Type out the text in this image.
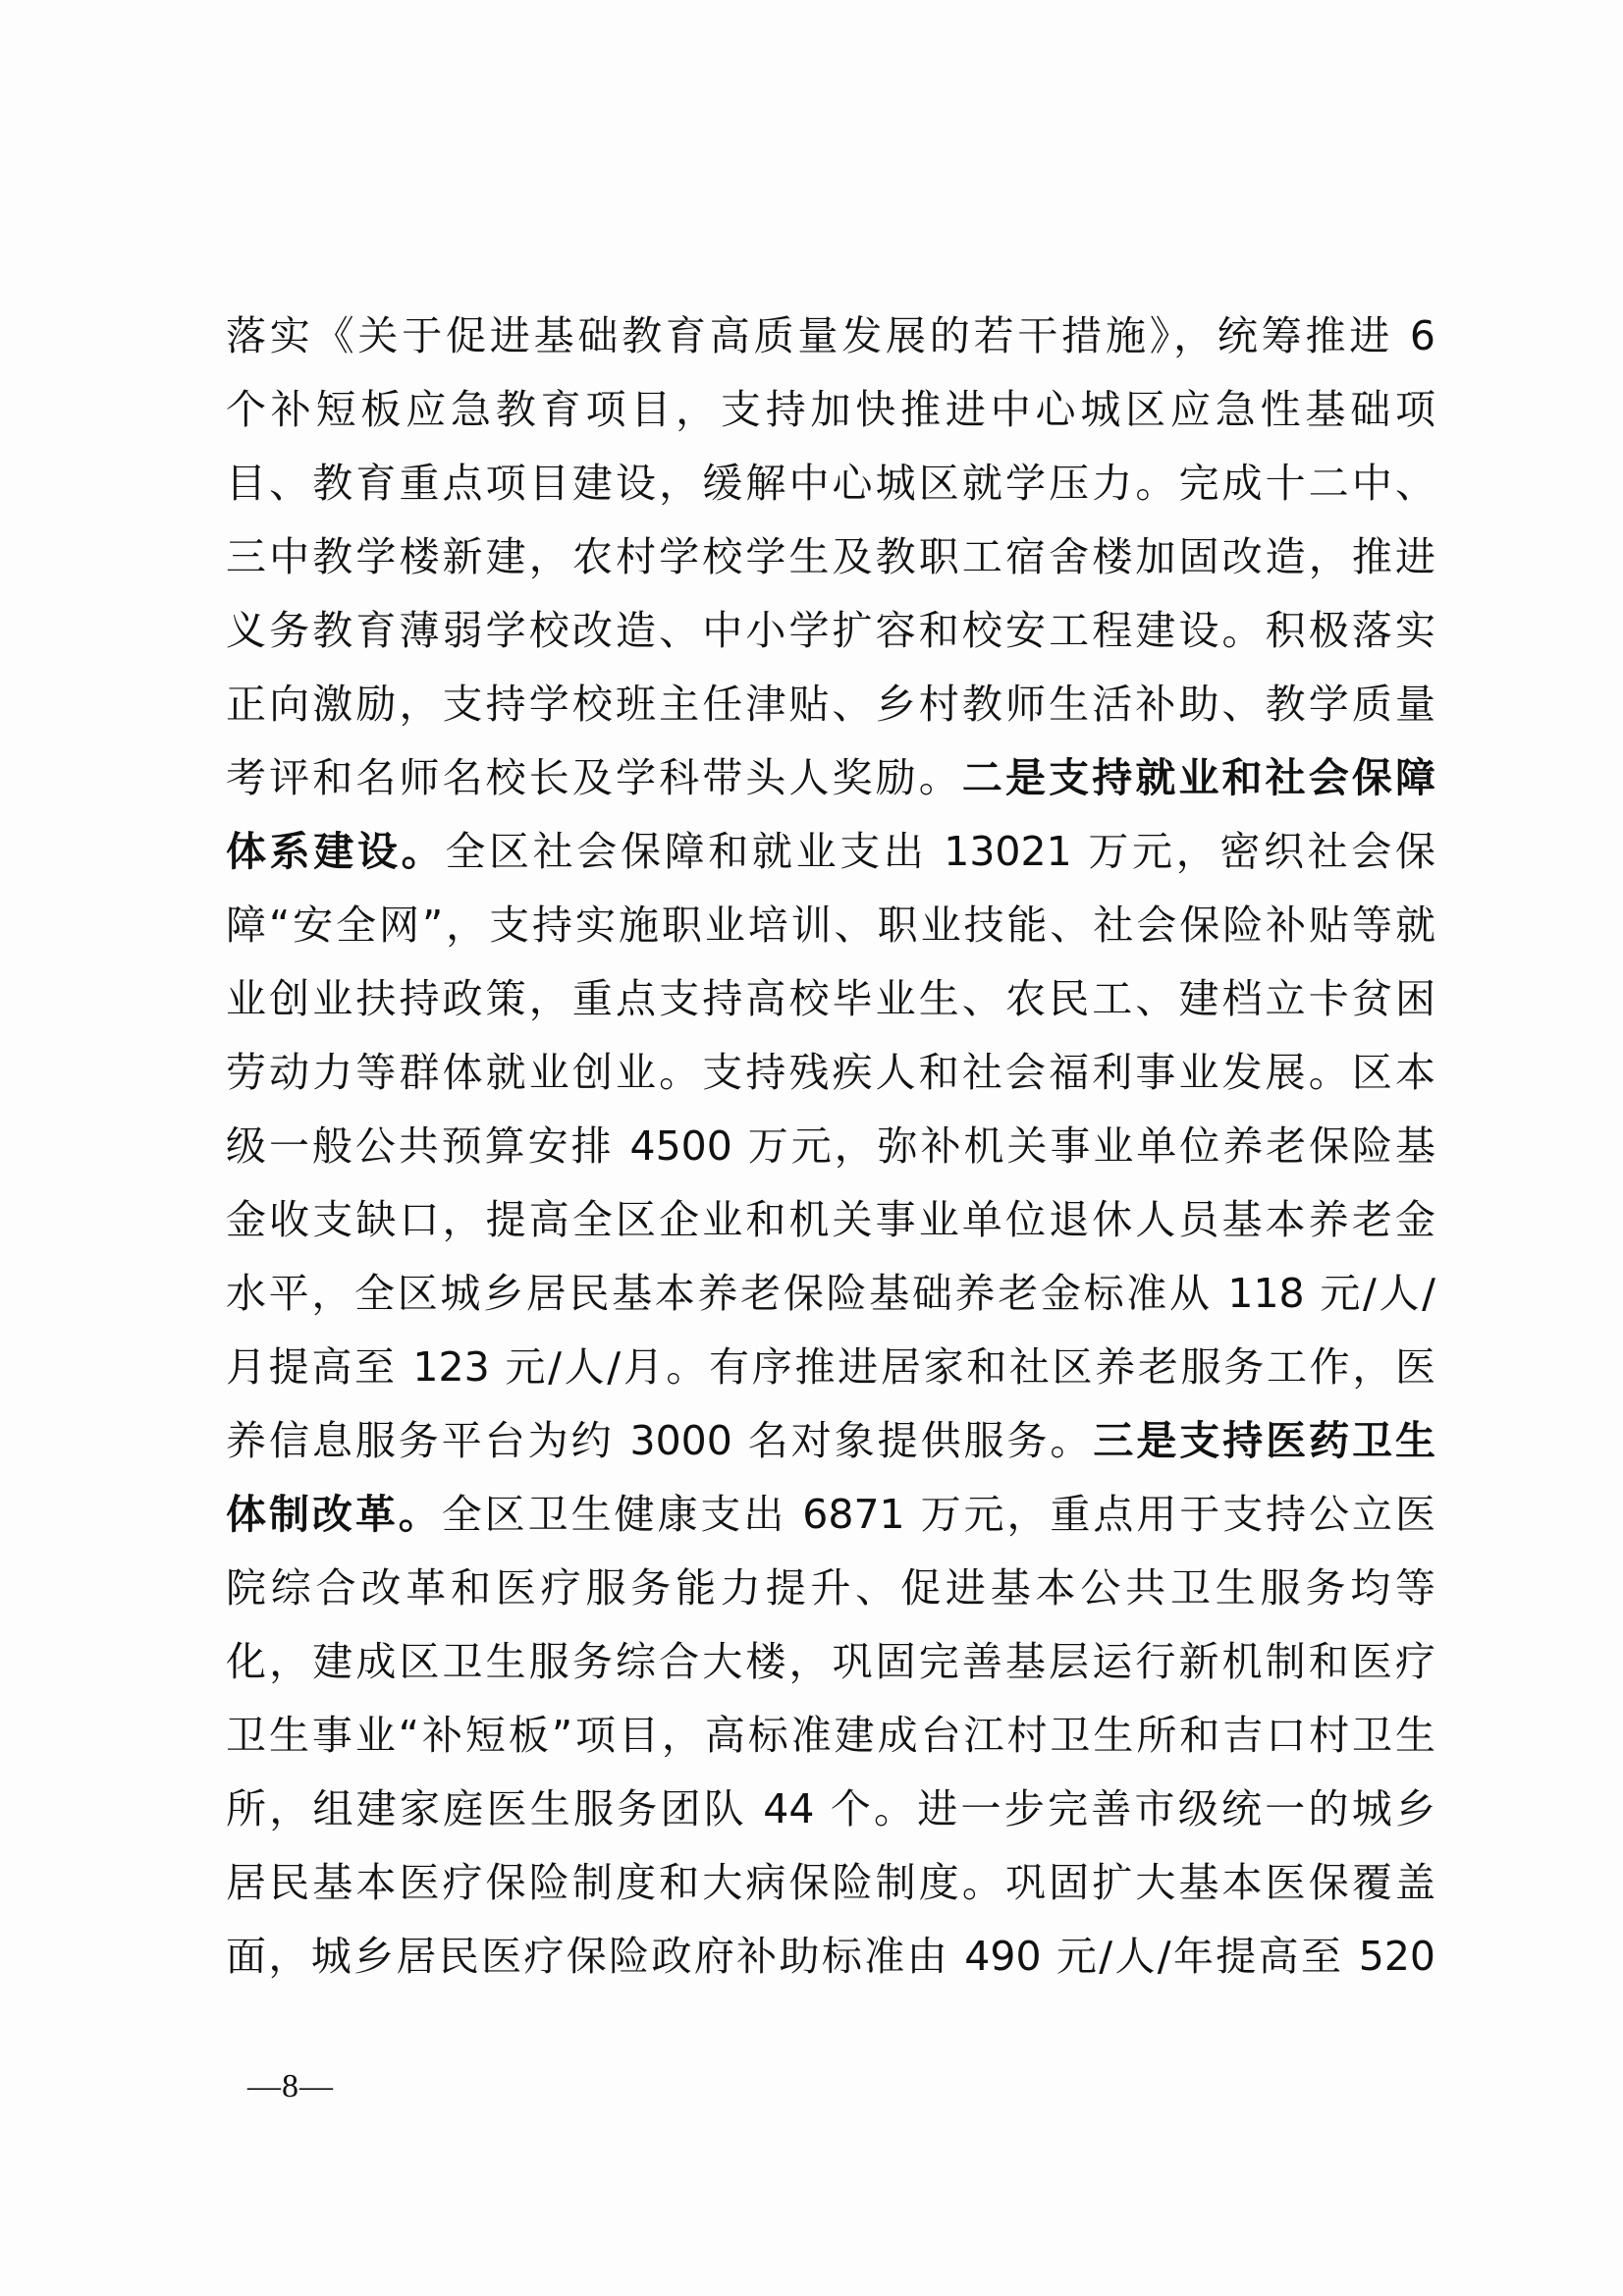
落实《关于促进基础教育高质量发展的若干措施》，统筹推进 6
个补短板应急教育项目，支持加快推进中心城区应急性基础项
目、教育重点项目建设，缓解中心城区就学压力。完成十二中、
三中教学楼新建，农村学校学生及教职工宿舍楼加固改造，推进
义务教育薄弱学校改造、中小学扩容和校安工程建设。积极落实
正向激励，支持学校班主任津贴、乡村教师生活补助、教学质量
考评和名师名校长及学科带头人奖励。二是支持就业和社会保障
体系建设。全区社会保障和就业支出 13021 万元，密织社会保
障“安全网”，支持实施职业培训、职业技能、社会保险补贴等就
业创业扶持政策，重点支持高校毕业生、农民工、建档立卡贫困
劳动力等群体就业创业。支持残疾人和社会福利事业发展。区本
级一般公共预算安排 4500 万元，弥补机关事业单位养老保险基
金收支缺口，提高全区企业和机关事业单位退休人员基本养老金
水平，全区城乡居民基本养老保险基础养老金标准从 118 元/人/
月提高至 123 元/人/月。有序推进居家和社区养老服务工作，医
养信息服务平台为约 3000 名对象提供服务。三是支持医药卫生
体制改革。全区卫生健康支出 6871 万元，重点用于支持公立医
院综合改革和医疗服务能力提升、促进基本公共卫生服务均等
化，建成区卫生服务综合大楼，巩固完善基层运行新机制和医疗
卫生事业“补短板”项目，高标准建成台江村卫生所和吉口村卫生
所，组建家庭医生服务团队 44 个。进一步完善市级统一的城乡
居民基本医疗保险制度和大病保险制度。巩固扩大基本医保覆盖
面，城乡居民医疗保险政府补助标准由 490 元/人/年提高至 520
—8—
